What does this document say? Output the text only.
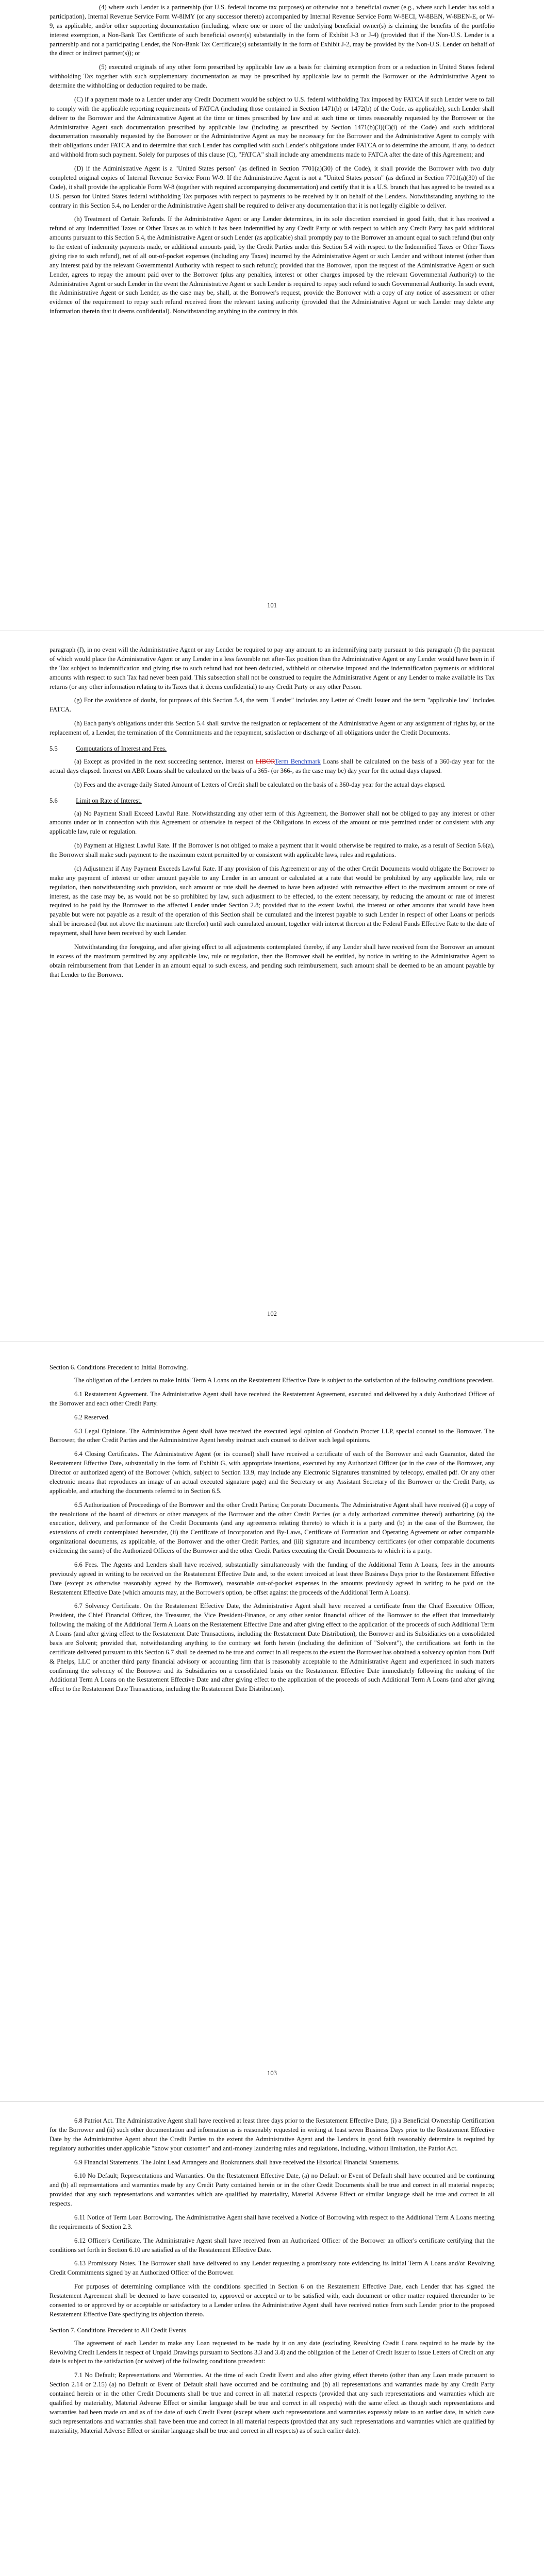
(4) where such Lender is a partnership (for U.S. federal income tax purposes) or otherwise not a beneficial owner (e.g., where such Lender has sold a participation), Internal Revenue Service Form W-8IMY (or any successor thereto) accompanied by Internal Revenue Service Form W-8ECI, W-8BEN, W-8BEN-E, or W-9, as applicable, and/or other supporting documentation (including, where one or more of the underlying beneficial owner(s) is claiming the benefits of the portfolio interest exemption, a Non-Bank Tax Certificate of such beneficial owner(s) substantially in the form of Exhibit J-3 or J-4) (provided that if the Non-U.S. Lender is a partnership and not a participating Lender, the Non-Bank Tax Certificate(s) substantially in the form of Exhibit J-2, may be provided by the Non-U.S. Lender on behalf of the direct or indirect partner(s)); or

(5) executed originals of any other form prescribed by applicable law as a basis for claiming exemption from or a reduction in United States federal withholding Tax together with such supplementary documentation as may be prescribed by applicable law to permit the Borrower or the Administrative Agent to determine the withholding or deduction required to be made.

(C) if a payment made to a Lender under any Credit Document would be subject to U.S. federal withholding Tax imposed by FATCA if such Lender were to fail to comply with the applicable reporting requirements of FATCA (including those contained in Section 1471(b) or 1472(b) of the Code, as applicable), such Lender shall deliver to the Borrower and the Administrative Agent at the time or times prescribed by law and at such time or times reasonably requested by the Borrower or the Administrative Agent such documentation prescribed by applicable law (including as prescribed by Section 1471(b)(3)(C)(i) of the Code) and such additional documentation reasonably requested by the Borrower or the Administrative Agent as may be necessary for the Borrower and the Administrative Agent to comply with their obligations under FATCA and to determine that such Lender has complied with such Lender's obligations under FATCA or to determine the amount, if any, to deduct and withhold from such payment. Solely for purposes of this clause (C), "FATCA" shall include any amendments made to FATCA after the date of this Agreement; and

(D) if the Administrative Agent is a "United States person" (as defined in Section 7701(a)(30) of the Code), it shall provide the Borrower with two duly completed original copies of Internal Revenue Service Form W-9. If the Administrative Agent is not a "United States person" (as defined in Section 7701(a)(30) of the Code), it shall provide the applicable Form W-8 (together with required accompanying documentation) and certify that it is a U.S. branch that has agreed to be treated as a U.S. person for United States federal withholding Tax purposes with respect to payments to be received by it on behalf of the Lenders. Notwithstanding anything to the contrary in this Section 5.4, no Lender or the Administrative Agent shall be required to deliver any documentation that it is not legally eligible to deliver.

(h) Treatment of Certain Refunds. If the Administrative Agent or any Lender determines, in its sole discretion exercised in good faith, that it has received a refund of any Indemnified Taxes or Other Taxes as to which it has been indemnified by any Credit Party or with respect to which any Credit Party has paid additional amounts pursuant to this Section 5.4, the Administrative Agent or such Lender (as applicable) shall promptly pay to the Borrower an amount equal to such refund (but only to the extent of indemnity payments made, or additional amounts paid, by the Credit Parties under this Section 5.4 with respect to the Indemnified Taxes or Other Taxes giving rise to such refund), net of all out-of-pocket expenses (including any Taxes) incurred by the Administrative Agent or such Lender and without interest (other than any interest paid by the relevant Governmental Authority with respect to such refund); provided that the Borrower, upon the request of the Administrative Agent or such Lender, agrees to repay the amount paid over to the Borrower (plus any penalties, interest or other charges imposed by the relevant Governmental Authority) to the Administrative Agent or such Lender in the event the Administrative Agent or such Lender is required to repay such refund to such Governmental Authority. In such event, the Administrative Agent or such Lender, as the case may be, shall, at the Borrower's request, provide the Borrower with a copy of any notice of assessment or other evidence of the requirement to repay such refund received from the relevant taxing authority (provided that the Administrative Agent or such Lender may delete any information therein that it deems confidential). Notwithstanding anything to the contrary in this

101

paragraph (f), in no event will the Administrative Agent or any Lender be required to pay any amount to an indemnifying party pursuant to this paragraph (f) the payment of which would place the Administrative Agent or any Lender in a less favorable net after-Tax position than the Administrative Agent or any Lender would have been in if the Tax subject to indemnification and giving rise to such refund had not been deducted, withheld or otherwise imposed and the indemnification payments or additional amounts with respect to such Tax had never been paid. This subsection shall not be construed to require the Administrative Agent or any Lender to make available its Tax returns (or any other information relating to its Taxes that it deems confidential) to any Credit Party or any other Person.

(g) For the avoidance of doubt, for purposes of this Section 5.4, the term "Lender" includes any Letter of Credit Issuer and the term "applicable law" includes FATCA.

(h) Each party's obligations under this Section 5.4 shall survive the resignation or replacement of the Administrative Agent or any assignment of rights by, or the replacement of, a Lender, the termination of the Commitments and the repayment, satisfaction or discharge of all obligations under the Credit Documents.

5.5	Computations of Interest and Fees.

(a) Except as provided in the next succeeding sentence, interest on LIBORTerm Benchmark Loans shall be calculated on the basis of a 360-day year for the actual days elapsed. Interest on ABR Loans shall be calculated on the basis of a 365- (or 366-, as the case may be) day year for the actual days elapsed.

(b) Fees and the average daily Stated Amount of Letters of Credit shall be calculated on the basis of a 360-day year for the actual days elapsed.

5.6	Limit on Rate of Interest.

(a) No Payment Shall Exceed Lawful Rate. Notwithstanding any other term of this Agreement, the Borrower shall not be obliged to pay any interest or other amounts under or in connection with this Agreement or otherwise in respect of the Obligations in excess of the amount or rate permitted under or consistent with any applicable law, rule or regulation.

(b) Payment at Highest Lawful Rate. If the Borrower is not obliged to make a payment that it would otherwise be required to make, as a result of Section 5.6(a), the Borrower shall make such payment to the maximum extent permitted by or consistent with applicable laws, rules and regulations.

(c) Adjustment if Any Payment Exceeds Lawful Rate. If any provision of this Agreement or any of the other Credit Documents would obligate the Borrower to make any payment of interest or other amount payable to any Lender in an amount or calculated at a rate that would be prohibited by any applicable law, rule or regulation, then notwithstanding such provision, such amount or rate shall be deemed to have been adjusted with retroactive effect to the maximum amount or rate of interest, as the case may be, as would not be so prohibited by law, such adjustment to be effected, to the extent necessary, by reducing the amount or rate of interest required to be paid by the Borrower to the affected Lender under Section 2.8; provided that to the extent lawful, the interest or other amounts that would have been payable but were not payable as a result of the operation of this Section shall be cumulated and the interest payable to such Lender in respect of other Loans or periods shall be increased (but not above the maximum rate therefor) until such cumulated amount, together with interest thereon at the Federal Funds Effective Rate to the date of repayment, shall have been received by such Lender.

Notwithstanding the foregoing, and after giving effect to all adjustments contemplated thereby, if any Lender shall have received from the Borrower an amount in excess of the maximum permitted by any applicable law, rule or regulation, then the Borrower shall be entitled, by notice in writing to the Administrative Agent to obtain reimbursement from that Lender in an amount equal to such excess, and pending such reimbursement, such amount shall be deemed to be an amount payable by that Lender to the Borrower.

102
Section 6. Conditions Precedent to Initial Borrowing.

The obligation of the Lenders to make Initial Term A Loans on the Restatement Effective Date is subject to the satisfaction of the following conditions precedent.

6.1 Restatement Agreement. The Administrative Agent shall have received the Restatement Agreement, executed and delivered by a duly Authorized Officer of the Borrower and each other Credit Party.

6.2 Reserved.

6.3 Legal Opinions. The Administrative Agent shall have received the executed legal opinion of Goodwin Procter LLP, special counsel to the Borrower. The Borrower, the other Credit Parties and the Administrative Agent hereby instruct such counsel to deliver such legal opinions.

6.4 Closing Certificates. The Administrative Agent (or its counsel) shall have received a certificate of each of the Borrower and each Guarantor, dated the Restatement Effective Date, substantially in the form of Exhibit G, with appropriate insertions, executed by any Authorized Officer (or in the case of the Borrower, any Director or authorized agent) of the Borrower (which, subject to Section 13.9, may include any Electronic Signatures transmitted by telecopy, emailed pdf. Or any other electronic means that reproduces an image of an actual executed signature page) and the Secretary or any Assistant Secretary of the Borrower or the Credit Party, as applicable, and attaching the documents referred to in Section 6.5.

6.5 Authorization of Proceedings of the Borrower and the other Credit Parties; Corporate Documents. The Administrative Agent shall have received (i) a copy of the resolutions of the board of directors or other managers of the Borrower and the other Credit Parties (or a duly authorized committee thereof) authorizing (a) the execution, delivery, and performance of the Credit Documents (and any agreements relating thereto) to which it is a party and (b) in the case of the Borrower, the extensions of credit contemplated hereunder, (ii) the Certificate of Incorporation and By-Laws, Certificate of Formation and Operating Agreement or other comparable organizational documents, as applicable, of the Borrower and the other Credit Parties, and (iii) signature and incumbency certificates (or other comparable documents evidencing the same) of the Authorized Officers of the Borrower and the other Credit Parties executing the Credit Documents to which it is a party.

6.6 Fees. The Agents and Lenders shall have received, substantially simultaneously with the funding of the Additional Term A Loans, fees in the amounts previously agreed in writing to be received on the Restatement Effective Date and, to the extent invoiced at least three Business Days prior to the Restatement Effective Date (except as otherwise reasonably agreed by the Borrower), reasonable out-of-pocket expenses in the amounts previously agreed in writing to be paid on the Restatement Effective Date (which amounts may, at the Borrower's option, be offset against the proceeds of the Additional Term A Loans).

6.7 Solvency Certificate. On the Restatement Effective Date, the Administrative Agent shall have received a certificate from the Chief Executive Officer, President, the Chief Financial Officer, the Treasurer, the Vice President-Finance, or any other senior financial officer of the Borrower to the effect that immediately following the making of the Additional Term A Loans on the Restatement Effective Date and after giving effect to the application of the proceeds of such Additional Term A Loans (and after giving effect to the Restatement Date Transactions, including the Restatement Date Distribution), the Borrower and its Subsidiaries on a consolidated basis are Solvent; provided that, notwithstanding anything to the contrary set forth herein (including the definition of "Solvent"), the certifications set forth in the certificate delivered pursuant to this Section 6.7 shall be deemed to be true and correct in all respects to the extent the Borrower has obtained a solvency opinion from Duff & Phelps, LLC or another third party financial advisory or accounting firm that is reasonably acceptable to the Administrative Agent and experienced in such matters confirming the solvency of the Borrower and its Subsidiaries on a consolidated basis on the Restatement Effective Date immediately following the making of the Additional Term A Loans on the Restatement Effective Date and after giving effect to the application of the proceeds of such Additional Term A Loans (and after giving effect to the Restatement Date Transactions, including the Restatement Date Distribution).

103

6.8 Patriot Act. The Administrative Agent shall have received at least three days prior to the Restatement Effective Date, (i) a Beneficial Ownership Certification for the Borrower and (ii) such other documentation and information as is reasonably requested in writing at least seven Business Days prior to the Restatement Effective Date by the Administrative Agent about the Credit Parties to the extent the Administrative Agent and the Lenders in good faith reasonably determine is required by regulatory authorities under applicable "know your customer" and anti-money laundering rules and regulations, including, without limitation, the Patriot Act.

6.9 Financial Statements. The Joint Lead Arrangers and Bookrunners shall have received the Historical Financial Statements.

6.10 No Default; Representations and Warranties. On the Restatement Effective Date, (a) no Default or Event of Default shall have occurred and be continuing and (b) all representations and warranties made by any Credit Party contained herein or in the other Credit Documents shall be true and correct in all material respects; provided that any such representations and warranties which are qualified by materiality, Material Adverse Effect or similar language shall be true and correct in all respects.

6.11 Notice of Term Loan Borrowing. The Administrative Agent shall have received a Notice of Borrowing with respect to the Additional Term A Loans meeting the requirements of Section 2.3.

6.12 Officer's Certificate. The Administrative Agent shall have received from an Authorized Officer of the Borrower an officer's certificate certifying that the conditions set forth in Section 6.10 are satisfied as of the Restatement Effective Date.

6.13 Promissory Notes. The Borrower shall have delivered to any Lender requesting a promissory note evidencing its Initial Term A Loans and/or Revolving Credit Commitments signed by an Authorized Officer of the Borrower.

For purposes of determining compliance with the conditions specified in Section 6 on the Restatement Effective Date, each Lender that has signed the Restatement Agreement shall be deemed to have consented to, approved or accepted or to be satisfied with, each document or other matter required thereunder to be consented to or approved by or acceptable or satisfactory to a Lender unless the Administrative Agent shall have received notice from such Lender prior to the proposed Restatement Effective Date specifying its objection thereto.

Section 7. Conditions Precedent to All Credit Events

The agreement of each Lender to make any Loan requested to be made by it on any date (excluding Revolving Credit Loans required to be made by the Revolving Credit Lenders in respect of Unpaid Drawings pursuant to Sections 3.3 and 3.4) and the obligation of the Letter of Credit Issuer to issue Letters of Credit on any date is subject to the satisfaction (or waiver) of the following conditions precedent:

7.1 No Default; Representations and Warranties. At the time of each Credit Event and also after giving effect thereto (other than any Loan made pursuant to Section 2.14 or 2.15) (a) no Default or Event of Default shall have occurred and be continuing and (b) all representations and warranties made by any Credit Party contained herein or in the other Credit Documents shall be true and correct in all material respects (provided that any such representations and warranties which are qualified by materiality, Material Adverse Effect or similar language shall be true and correct in all respects) with the same effect as though such representations and warranties had been made on and as of the date of such Credit Event (except where such representations and warranties expressly relate to an earlier date, in which case such representations and warranties shall have been true and correct in all material respects (provided that any such representations and warranties which are qualified by materiality, Material Adverse Effect or similar language shall be true and correct in all respects) as of such earlier date).
